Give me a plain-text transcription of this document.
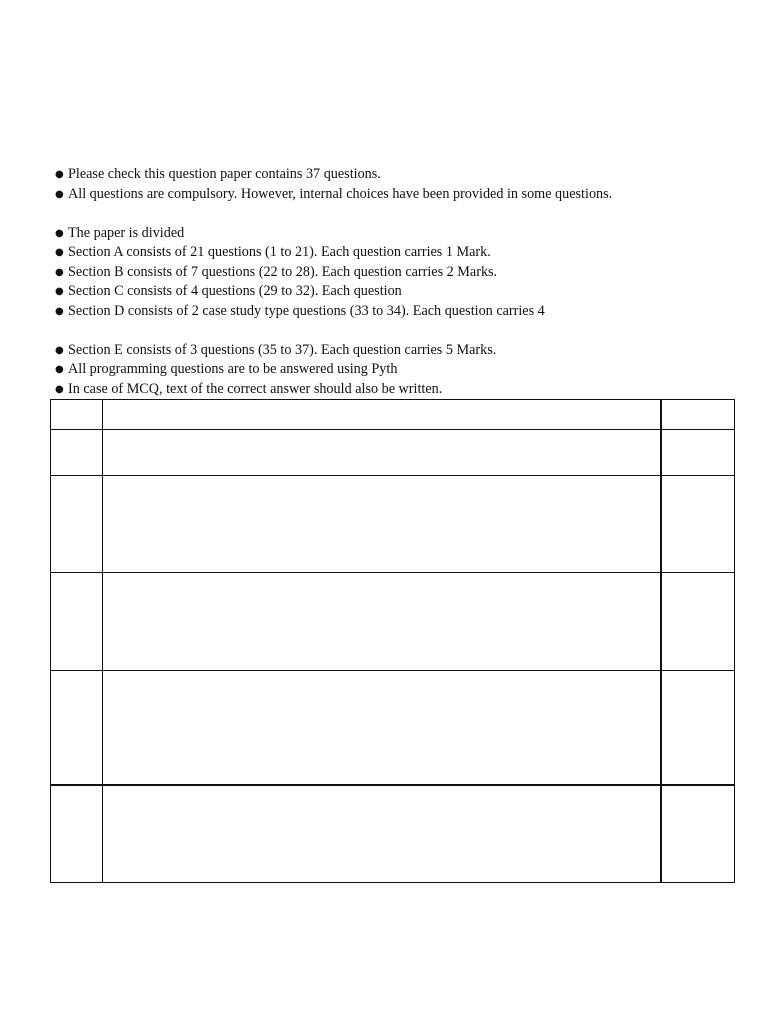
● Please check this question paper contains 37 questions.
● All questions are compulsory. However, internal choices have been provided in some questions.
● The paper is divided
● Section A consists of 21 questions (1 to 21). Each question carries 1 Mark.
● Section B consists of 7 questions (22 to 28). Each question carries 2 Marks.
● Section C consists of 4 questions (29 to 32). Each question
● Section D consists of 2 case study type questions (33 to 34). Each question carries 4
● Section E consists of 3 questions (35 to 37). Each question carries 5 Marks.
● All programming questions are to be answered using Pyth
● In case of MCQ, text of the correct answer should also be written.
